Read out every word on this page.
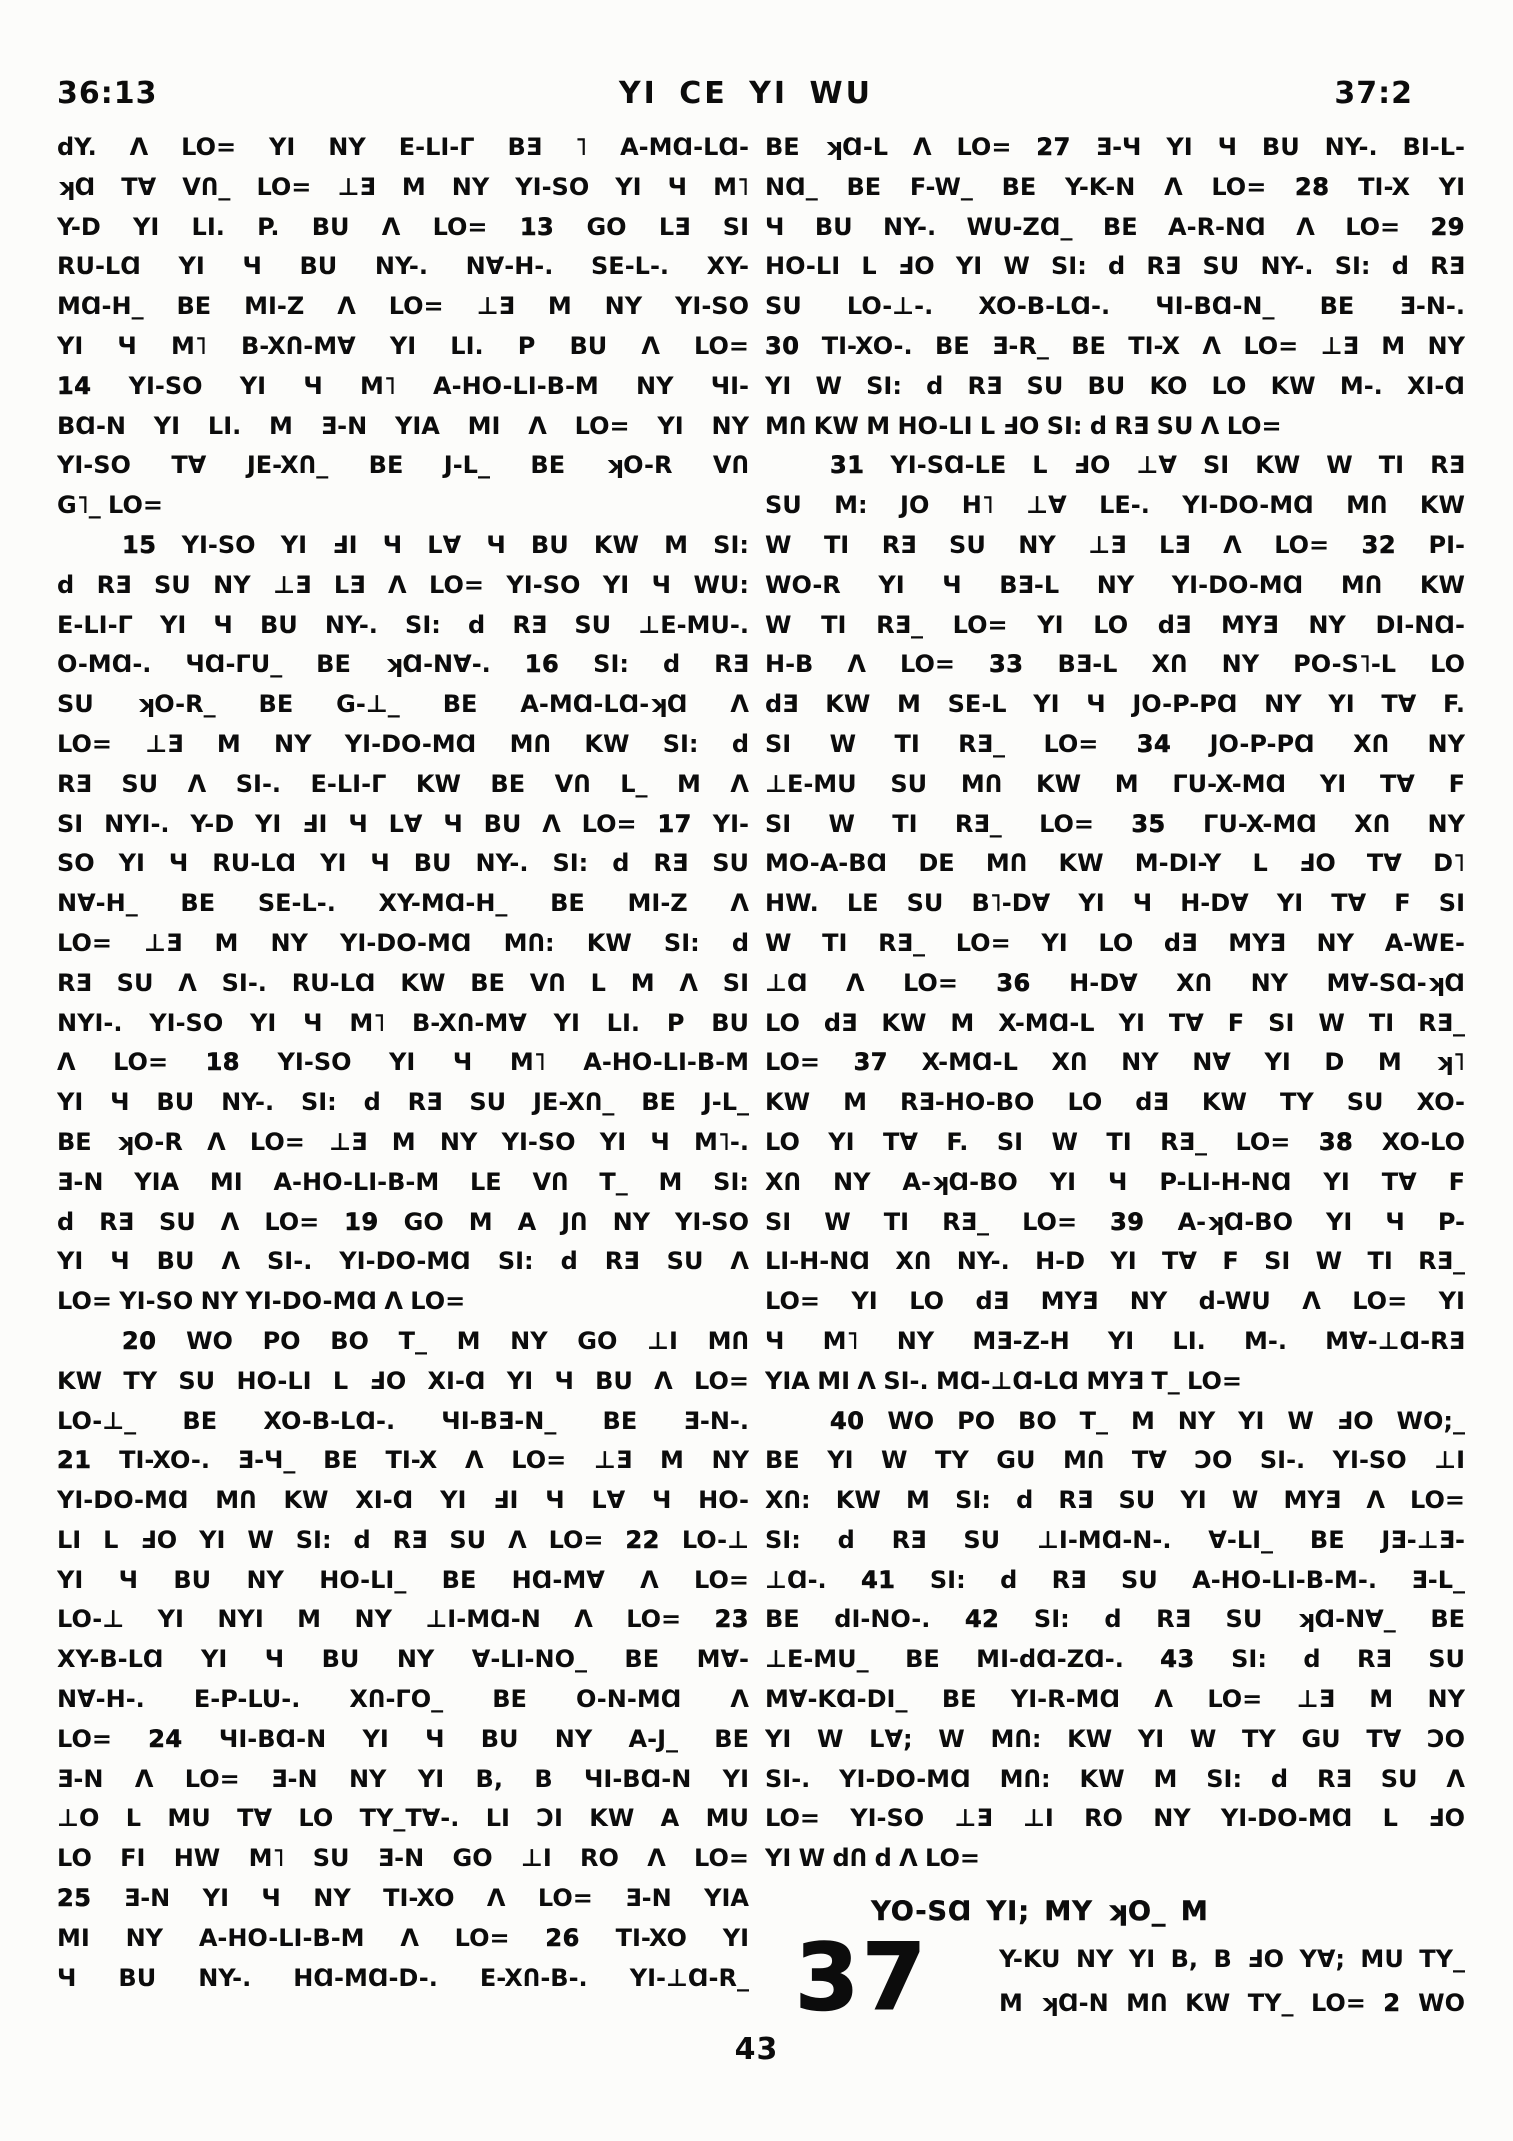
36:13	YI CE YI WU	37:2
dY. Λ LO= YI NY E-LI-Г BƎ ˥ A-MⱭ-LⱭ-
ʞⱭ T∀ VՈ_ LO= ⊥Ǝ M NY YI-SO YI Ч M˥
Y-D YI LI. P. BU Λ LO= 13 GO LƎ SI
RU-LⱭ YI Ч BU NY-. N∀-H-. SE-L-. XY-
MⱭ-H_ BE MI-Z Λ LO= ⊥Ǝ M NY YI-SO
YI Ч M˥ B-XՈ-M∀ YI LI. P BU Λ LO=
14 YI-SO YI Ч M˥ A-HO-LI-B-M NY ЧI-
BⱭ-N YI LI. M Ǝ-N YIA MI Λ LO= YI NY
YI-SO T∀ JE-XՈ_ BE J-L_ BE ʞO-R VՈ
G˥_ LO=
15 YI-SO YI ℲI Ч L∀ Ч BU KW M SI:
d RƎ SU NY ⊥Ǝ LƎ Λ LO= YI-SO YI Ч WU:
E-LI-Г YI Ч BU NY-. SI: d RƎ SU ⊥E-MU-.
O-MⱭ-. ЧⱭ-ГU_ BE ʞⱭ-N∀-. 16 SI: d RƎ
SU ʞO-R_ BE G-⊥_ BE A-MⱭ-LⱭ-ʞⱭ Λ
LO= ⊥Ǝ M NY YI-DO-MⱭ MՈ KW SI: d
RƎ SU Λ SI-. E-LI-Г KW BE VՈ L_ M Λ
SI NYI-. Y-D YI ℲI Ч L∀ Ч BU Λ LO= 17 YI-
SO YI Ч RU-LⱭ YI Ч BU NY-. SI: d RƎ SU
N∀-H_ BE SE-L-. XY-MⱭ-H_ BE MI-Z Λ
LO= ⊥Ǝ M NY YI-DO-MⱭ MՈ: KW SI: d
RƎ SU Λ SI-. RU-LⱭ KW BE VՈ L M Λ SI
NYI-. YI-SO YI Ч M˥ B-XՈ-M∀ YI LI. P BU
Λ LO= 18 YI-SO YI Ч M˥ A-HO-LI-B-M
YI Ч BU NY-. SI: d RƎ SU JE-XՈ_ BE J-L_
BE ʞO-R Λ LO= ⊥Ǝ M NY YI-SO YI Ч M˥-.
Ǝ-N YIA MI A-HO-LI-B-M LE VՈ T_ M SI:
d RƎ SU Λ LO= 19 GO M A JՈ NY YI-SO
YI Ч BU Λ SI-. YI-DO-MⱭ SI: d RƎ SU Λ
LO= YI-SO NY YI-DO-MⱭ Λ LO=
20 WO PO BO T_ M NY GO ⊥I MՈ
KW TY SU HO-LI L ℲO XI-Ɑ YI Ч BU Λ LO=
LO-⊥_ BE XO-B-LⱭ-. ЧI-BƎ-N_ BE Ǝ-N-.
21 TI-XO-. Ǝ-Ч_ BE TI-X Λ LO= ⊥Ǝ M NY
YI-DO-MⱭ MՈ KW XI-Ɑ YI ℲI Ч L∀ Ч HO-
LI L ℲO YI W SI: d RƎ SU Λ LO= 22 LO-⊥
YI Ч BU NY HO-LI_ BE HⱭ-M∀ Λ LO=
LO-⊥ YI NYI M NY ⊥I-MⱭ-N Λ LO= 23
XY-B-LⱭ YI Ч BU NY ∀-LI-NO_ BE M∀-
N∀-H-. E-P-LU-. XՈ-ГO_ BE O-N-MⱭ Λ
LO= 24 ЧI-BⱭ-N YI Ч BU NY A-J_ BE
Ǝ-N Λ LO= Ǝ-N NY YI B, B ЧI-BⱭ-N YI
⊥O L MU T∀ LO TY_T∀-. LI ƆI KW A MU
LO FI HW M˥ SU Ǝ-N GO ⊥I RO Λ LO=
25 Ǝ-N YI Ч NY TI-XO Λ LO= Ǝ-N YIA
MI NY A-HO-LI-B-M Λ LO= 26 TI-XO YI
Ч BU NY-. HⱭ-MⱭ-D-. E-XՈ-B-. YI-⊥Ɑ-R_
BE ʞⱭ-L Λ LO= 27 Ǝ-Ч YI Ч BU NY-. BI-L-
NⱭ_ BE F-W_ BE Y-K-N Λ LO= 28 TI-X YI
Ч BU NY-. WU-ZⱭ_ BE A-R-NⱭ Λ LO= 29
HO-LI L ℲO YI W SI: d RƎ SU NY-. SI: d RƎ
SU LO-⊥-. XO-B-LⱭ-. ЧI-BⱭ-N_ BE Ǝ-N-.
30 TI-XO-. BE Ǝ-R_ BE TI-X Λ LO= ⊥Ǝ M NY
YI W SI: d RƎ SU BU KO LO KW M-. XI-Ɑ
MՈ KW M HO-LI L ℲO SI: d RƎ SU Λ LO=
31 YI-SⱭ-LE L ℲO ⊥∀ SI KW W TI RƎ
SU M: JO H˥ ⊥∀ LE-. YI-DO-MⱭ MՈ KW
W TI RƎ SU NY ⊥Ǝ LƎ Λ LO= 32 PI-
WO-R YI Ч BƎ-L NY YI-DO-MⱭ MՈ KW
W TI RƎ_ LO= YI LO dƎ MYƎ NY DI-NⱭ-
H-B Λ LO= 33 BƎ-L XՈ NY PO-S˥-L LO
dƎ KW M SE-L YI Ч JO-P-PⱭ NY YI T∀ F.
SI W TI RƎ_ LO= 34 JO-P-PⱭ XՈ NY
⊥E-MU SU MՈ KW M ГU-X-MⱭ YI T∀ F
SI W TI RƎ_ LO= 35 ГU-X-MⱭ XՈ NY
MO-A-BⱭ DE MՈ KW M-DI-Y L ℲO T∀ D˥
HW. LE SU B˥-D∀ YI Ч H-D∀ YI T∀ F SI
W TI RƎ_ LO= YI LO dƎ MYƎ NY A-WE-
⊥Ɑ Λ LO= 36 H-D∀ XՈ NY M∀-SⱭ-ʞⱭ
LO dƎ KW M X-MⱭ-L YI T∀ F SI W TI RƎ_
LO= 37 X-MⱭ-L XՈ NY N∀ YI D M ʞ˥
KW M RƎ-HO-BO LO dƎ KW TY SU XO-
LO YI T∀ F. SI W TI RƎ_ LO= 38 XO-LO
XՈ NY A-ʞⱭ-BO YI Ч P-LI-H-NⱭ YI T∀ F
SI W TI RƎ_ LO= 39 A-ʞⱭ-BO YI Ч P-
LI-H-NⱭ XՈ NY-. H-D YI T∀ F SI W TI RƎ_
LO= YI LO dƎ MYƎ NY d-WU Λ LO= YI
Ч M˥ NY MƎ-Z-H YI LI. M-. M∀-⊥Ɑ-RƎ
YIA MI Λ SI-. MⱭ-⊥Ɑ-LⱭ MYƎ T_ LO=
40 WO PO BO T_ M NY YI W ℲO WO;_
BE YI W TY GU MՈ T∀ ƆO SI-. YI-SO ⊥I
XՈ: KW M SI: d RƎ SU YI W MYƎ Λ LO=
SI: d RƎ SU ⊥I-MⱭ-N-. ∀-LI_ BE JƎ-⊥Ǝ-
⊥Ɑ-. 41 SI: d RƎ SU A-HO-LI-B-M-. Ǝ-L_
BE dI-NO-. 42 SI: d RƎ SU ʞⱭ-N∀_ BE
⊥E-MU_ BE MI-dⱭ-ZⱭ-. 43 SI: d RƎ SU
M∀-KⱭ-DI_ BE YI-R-MⱭ Λ LO= ⊥Ǝ M NY
YI W L∀; W MՈ: KW YI W TY GU T∀ ƆO
SI-. YI-DO-MⱭ MՈ: KW M SI: d RƎ SU Λ
LO= YI-SO ⊥Ǝ ⊥I RO NY YI-DO-MⱭ L ℲO
YI W dՈ d Λ LO=
YO-SⱭ YI; MY ʞO_ M
37	Y-KU NY YI B, B ℲO Y∀; MU TY_
M ʞⱭ-N MՈ KW TY_ LO= 2 WO
43
